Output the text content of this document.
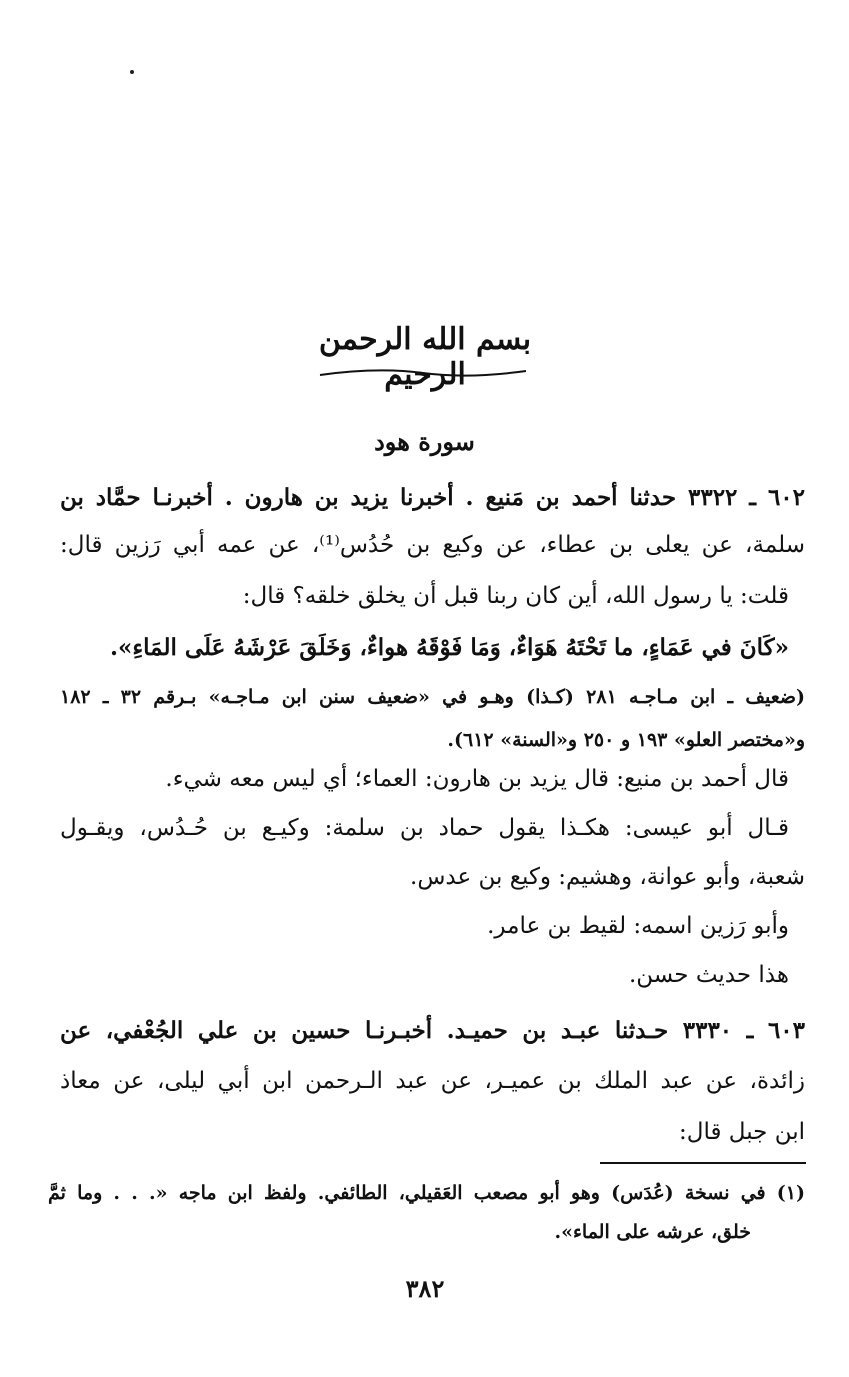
بسم الله الرحمن الرحيم
سورة هود
٦٠٢ ـ ٣٣٢٢ حدثنا أحمد بن مَنيع . أخبرنا يزيد بن هارون . أخبرنـا حمَّاد بن
سلمة، عن يعلى بن عطاء، عن وكيع بن حُدُس⁽¹⁾، عن عمه أبي رَزين قال:
قلت: يا رسول الله، أين كان ربنا قبل أن يخلق خلقه؟ قال:
«كَانَ في عَمَاءٍ، ما تَحْتَهُ هَوَاءٌ، وَمَا فَوْقَهُ هواءٌ، وَخَلَقَ عَرْشَهُ عَلَى المَاءِ».
(ضعيف ـ ابن مـاجـه ٢٨١ (كـذا) وهـو في «ضعيف سنن ابن مـاجـه» بـرقم ٣٢ ـ ١٨٢
و«مختصر العلو» ١٩٣ و ٢٥٠ و«السنة» ٦١٢).
قال أحمد بن منيع: قال يزيد بن هارون: العماء؛ أي ليس معه شيء.
قـال أبو عيسى: هكـذا يقول حماد بن سلمة: وكيـع بن حُـدُس، ويقـول
شعبة، وأبو عوانة، وهشيم: وكيع بن عدس.
وأبو رَزين اسمه: لقيط بن عامر.
هذا حديث حسن.
٦٠٣ ـ ٣٣٣٠ حـدثنا عبـد بن حميـد. أخبـرنـا حسين بن علي الجُعْفي، عن
زائدة، عن عبد الملك بن عميـر، عن عبد الـرحمن ابن أبي ليلى، عن معاذ
ابن جبل قال:
(١) في نسخة (عُدَس) وهو أبو مصعب العَقيلي، الطائفي. ولفظ ابن ماجه «. . . وما ثمَّ
خلق، عرشه على الماء».
٣٨٢
